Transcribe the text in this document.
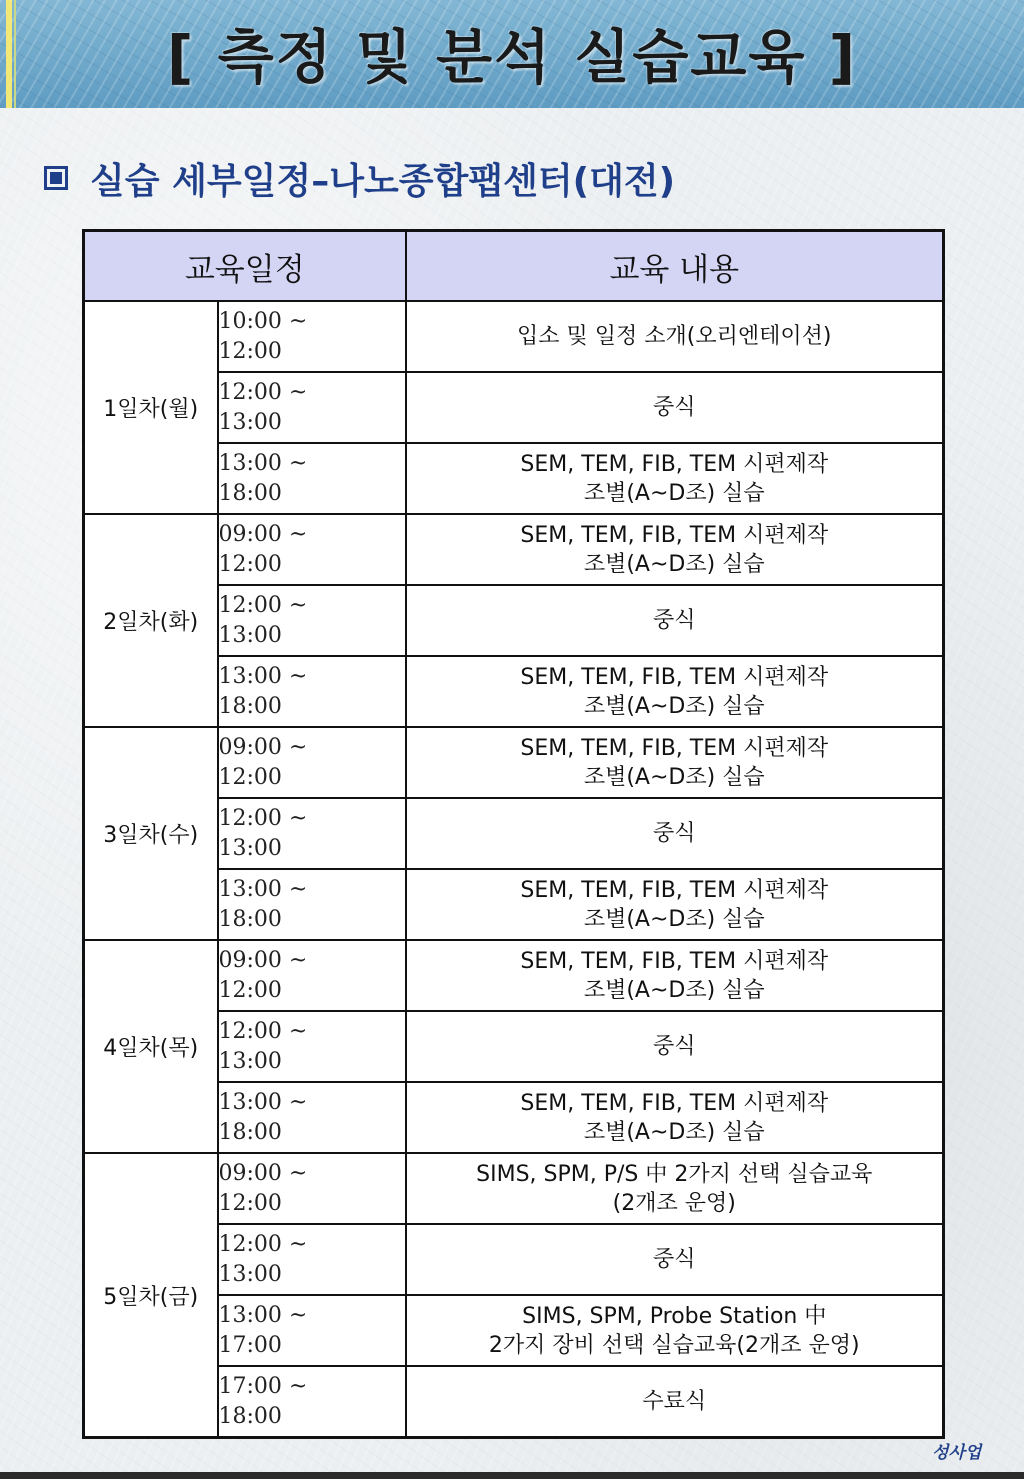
[ 측정 및 분석 실습교육 ]
실습 세부일정–나노종합팹센터(대전)
교육일정		교육 내용
1일차(월)	10:00 ~
12:00	입소 및 일정 소개(오리엔테이션)

	12:00 ~
13:00	중식

	13:00 ~
18:00	SEM, TEM, FIB, TEM 시편제작
조별(A~D조) 실습

2일차(화)	09:00 ~
12:00	SEM, TEM, FIB, TEM 시편제작
조별(A~D조) 실습

	12:00 ~
13:00	중식

	13:00 ~
18:00	SEM, TEM, FIB, TEM 시편제작
조별(A~D조) 실습

3일차(수)	09:00 ~
12:00	SEM, TEM, FIB, TEM 시편제작
조별(A~D조) 실습

	12:00 ~
13:00	중식

	13:00 ~
18:00	SEM, TEM, FIB, TEM 시편제작
조별(A~D조) 실습

4일차(목)	09:00 ~
12:00	SEM, TEM, FIB, TEM 시편제작
조별(A~D조) 실습

	12:00 ~
13:00	중식

	13:00 ~
18:00	SEM, TEM, FIB, TEM 시편제작
조별(A~D조) 실습

5일차(금)	09:00 ~
12:00	SIMS, SPM, P/S 中 2가지 선택 실습교육
(2개조 운영)

	12:00 ~
13:00	중식

	13:00 ~
17:00	SIMS, SPM, Probe Station 中
2가지 장비 선택 실습교육(2개조 운영)

	17:00 ~
18:00	수료식
성사업
